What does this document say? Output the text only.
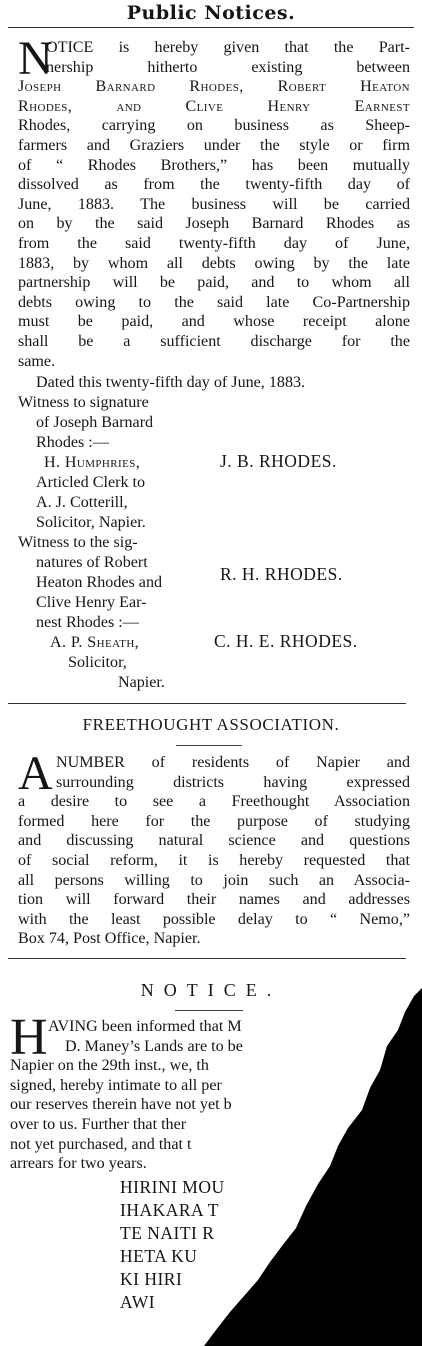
Public Notices.
N
OTICE is hereby given that the Part-
nership hitherto existing between
Joseph Barnard Rhodes, Robert Heaton
Rhodes, and Clive Henry Earnest
Rhodes, carrying on business as Sheep-
farmers and Graziers under the style or firm
of “ Rhodes Brothers,” has been mutually
dissolved as from the twenty-fifth day of
June, 1883. The business will be carried
on by the said Joseph Barnard Rhodes as
from the said twenty-fifth day of June,
1883, by whom all debts owing by the late
partnership will be paid, and to whom all
debts owing to the said late Co-Partnership
must be paid, and whose receipt alone
shall be a sufficient discharge for the
same.
Dated this twenty-fifth day of June, 1883.
Witness to signature
of Joseph Barnard
Rhodes :—
H. Humphries,
Articled Clerk to
A. J. Cotterill,
Solicitor, Napier.
J. B. RHODES.
Witness to the sig-
natures of Robert
Heaton Rhodes and
Clive Henry Ear-
nest Rhodes :—
A. P. Sheath,
Solicitor,
Napier.
R. H. RHODES.
C. H. E. RHODES.
FREETHOUGHT ASSOCIATION.
A NUMBER of residents of Napier and
surrounding districts having expressed
a desire to see a Freethought Association
formed here for the purpose of studying
and discussing natural science and questions
of social reform, it is hereby requested that
all persons willing to join such an Associa-
tion will forward their names and addresses
with the least possible delay to “ Nemo,”
Box 74, Post Office, Napier.
NOTICE.
H AVING been informed that M
D. Maney’s Lands are to be
Napier on the 29th inst., we, th
signed, hereby intimate to all per
our reserves therein have not yet b
over to us. Further that ther
not yet purchased, and that t
arrears for two years.
HIRINI MOU
IHAKARA T
TE NAITI R
HETA KU
KI HIRI
AWI
